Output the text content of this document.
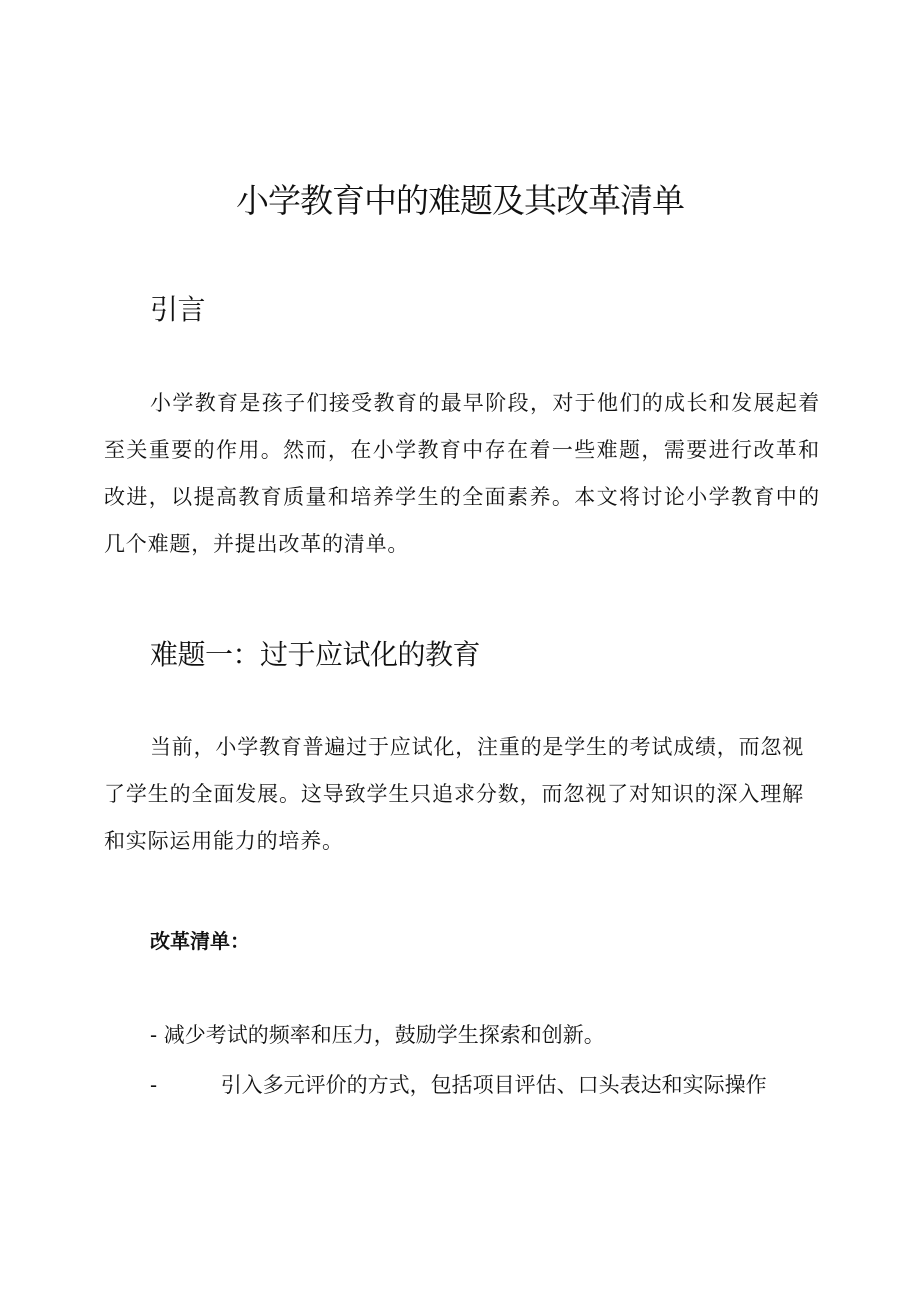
小学教育中的难题及其改革清单
引言

小学教育是孩子们接受教育的最早阶段，对于他们的成长和发展起着至关重要的作用。然而，在小学教育中存在着一些难题，需要进行改革和改进，以提高教育质量和培养学生的全面素养。本文将讨论小学教育中的几个难题，并提出改革的清单。

难题一：过于应试化的教育

当前，小学教育普遍过于应试化，注重的是学生的考试成绩，而忽视了学生的全面发展。这导致学生只追求分数，而忽视了对知识的深入理解和实际运用能力的培养。

改革清单：

- 减少考试的频率和压力，鼓励学生探索和创新。

-	引入多元评价的方式，包括项目评估、口头表达和实际操作
